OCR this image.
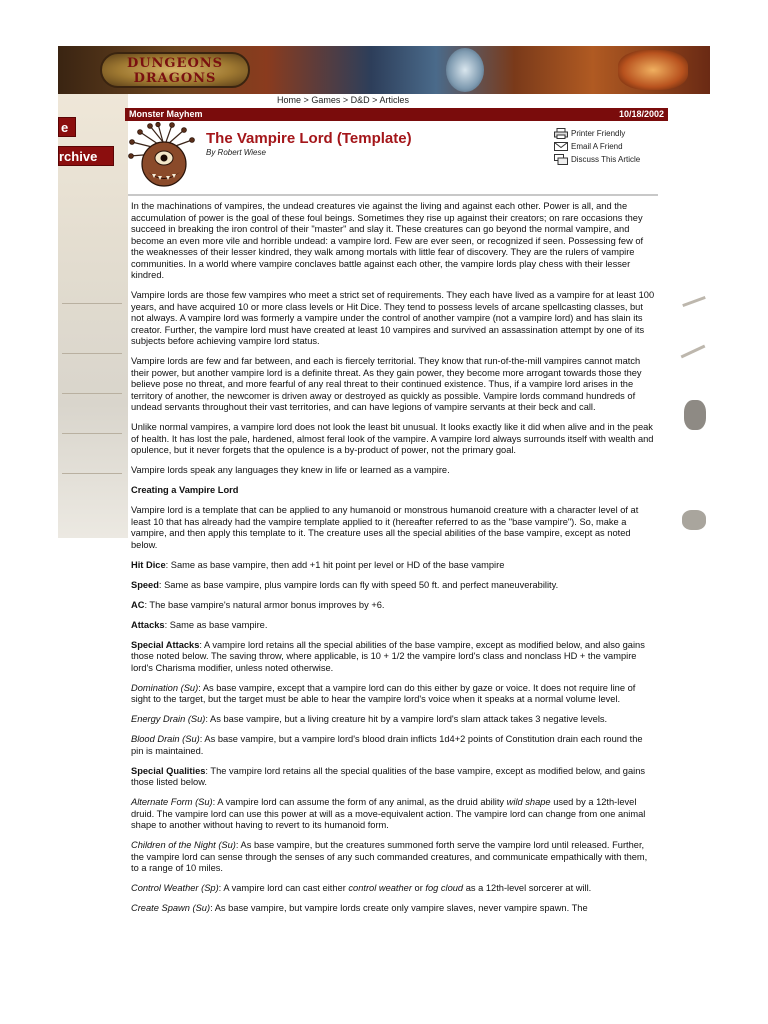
e
rchive
DUNGEONS
DRAGONS
Home > Games > D&D > Articles
Monster Mayhem	10/18/2002
The Vampire Lord (Template)
By Robert Wiese
Printer Friendly
Email A Friend
Discuss This Article

In the machinations of vampires, the undead creatures vie against the living and against each other. Power is all, and the accumulation of power is the goal of these foul beings. Sometimes they rise up against their creators; on rare occasions they succeed in breaking the iron control of their "master" and slay it. These creatures can go beyond the normal vampire, and become an even more vile and horrible undead: a vampire lord. Few are ever seen, or recognized if seen. Possessing few of the weaknesses of their lesser kindred, they walk among mortals with little fear of discovery. They are the rulers of vampire communities. In a world where vampire conclaves battle against each other, the vampire lords play chess with their lesser kindred.

Vampire lords are those few vampires who meet a strict set of requirements. They each have lived as a vampire for at least 100 years, and have acquired 10 or more class levels or Hit Dice. They tend to possess levels of arcane spellcasting classes, but not always. A vampire lord was formerly a vampire under the control of another vampire (not a vampire lord) and has slain its creator. Further, the vampire lord must have created at least 10 vampires and survived an assassination attempt by one of its subjects before achieving vampire lord status.

Vampire lords are few and far between, and each is fiercely territorial. They know that run-of-the-mill vampires cannot match their power, but another vampire lord is a definite threat. As they gain power, they become more arrogant towards those they believe pose no threat, and more fearful of any real threat to their continued existence. Thus, if a vampire lord arises in the territory of another, the newcomer is driven away or destroyed as quickly as possible. Vampire lords command hundreds of undead servants throughout their vast territories, and can have legions of vampire servants at their beck and call.

Unlike normal vampires, a vampire lord does not look the least bit unusual. It looks exactly like it did when alive and in the peak of health. It has lost the pale, hardened, almost feral look of the vampire. A vampire lord always surrounds itself with wealth and opulence, but it never forgets that the opulence is a by-product of power, not the primary goal.

Vampire lords speak any languages they knew in life or learned as a vampire.

Creating a Vampire Lord

Vampire lord is a template that can be applied to any humanoid or monstrous humanoid creature with a character level of at least 10 that has already had the vampire template applied to it (hereafter referred to as the "base vampire"). So, make a vampire, and then apply this template to it. The creature uses all the special abilities of the base vampire, except as noted below.

Hit Dice: Same as base vampire, then add +1 hit point per level or HD of the base vampire

Speed: Same as base vampire, plus vampire lords can fly with speed 50 ft. and perfect maneuverability.

AC: The base vampire's natural armor bonus improves by +6.

Attacks: Same as base vampire.

Special Attacks: A vampire lord retains all the special abilities of the base vampire, except as modified below, and also gains those noted below. The saving throw, where applicable, is 10 + 1/2 the vampire lord's class and nonclass HD + the vampire lord's Charisma modifier, unless noted otherwise.

Domination (Su): As base vampire, except that a vampire lord can do this either by gaze or voice. It does not require line of sight to the target, but the target must be able to hear the vampire lord's voice when it speaks at a normal volume level.

Energy Drain (Su): As base vampire, but a living creature hit by a vampire lord's slam attack takes 3 negative levels.

Blood Drain (Su): As base vampire, but a vampire lord's blood drain inflicts 1d4+2 points of Constitution drain each round the pin is maintained.

Special Qualities: The vampire lord retains all the special qualities of the base vampire, except as modified below, and gains those listed below.

Alternate Form (Su): A vampire lord can assume the form of any animal, as the druid ability wild shape used by a 12th-level druid. The vampire lord can use this power at will as a move-equivalent action. The vampire lord can change from one animal shape to another without having to revert to its humanoid form.

Children of the Night (Su): As base vampire, but the creatures summoned forth serve the vampire lord until released. Further, the vampire lord can sense through the senses of any such commanded creatures, and communicate empathically with them, to a range of 10 miles.

Control Weather (Sp): A vampire lord can cast either control weather or fog cloud as a 12th-level sorcerer at will.

Create Spawn (Su): As base vampire, but vampire lords create only vampire slaves, never vampire spawn. The
